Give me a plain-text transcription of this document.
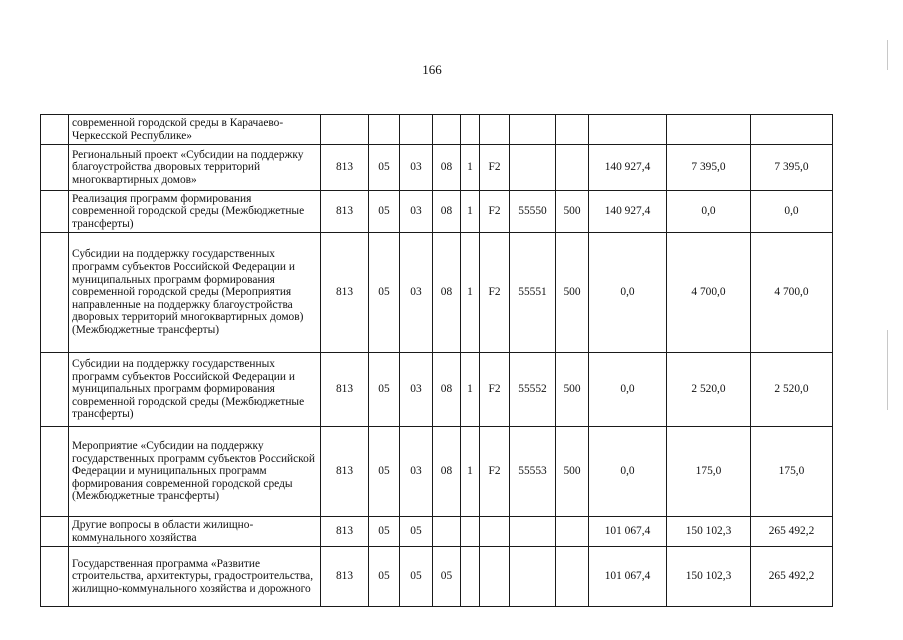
166
	современной городской среды в Карачаево-Черкесской Республике»											
	Региональный проект «Субсидии на поддержку благоустройства дворовых территорий многоквартирных домов»	813	05	03	08	1	F2			140 927,4	7 395,0	7 395,0
	Реализация программ формирования современной городской среды (Межбюджетные трансферты)	813	05	03	08	1	F2	55550	500	140 927,4	0,0	0,0
	Субсидии на поддержку государственных программ субъектов Российской Федерации и муниципальных программ формирования современной городской среды (Мероприятия направленные на поддержку благоустройства дворовых территорий многоквартирных домов) (Межбюджетные трансферты)	813	05	03	08	1	F2	55551	500	0,0	4 700,0	4 700,0
	Субсидии на поддержку государственных программ субъектов Российской Федерации и муниципальных программ формирования современной городской среды (Межбюджетные трансферты)	813	05	03	08	1	F2	55552	500	0,0	2 520,0	2 520,0
	Мероприятие «Субсидии на поддержку государственных программ субъектов Российской Федерации и муниципальных программ формирования современной городской среды (Межбюджетные трансферты)	813	05	03	08	1	F2	55553	500	0,0	175,0	175,0
	Другие вопросы в области жилищно-коммунального хозяйства	813	05	05						101 067,4	150 102,3	265 492,2
	Государственная программа «Развитие строительства, архитектуры, градостроительства, жилищно-коммунального хозяйства и дорожного	813	05	05	05					101 067,4	150 102,3	265 492,2
